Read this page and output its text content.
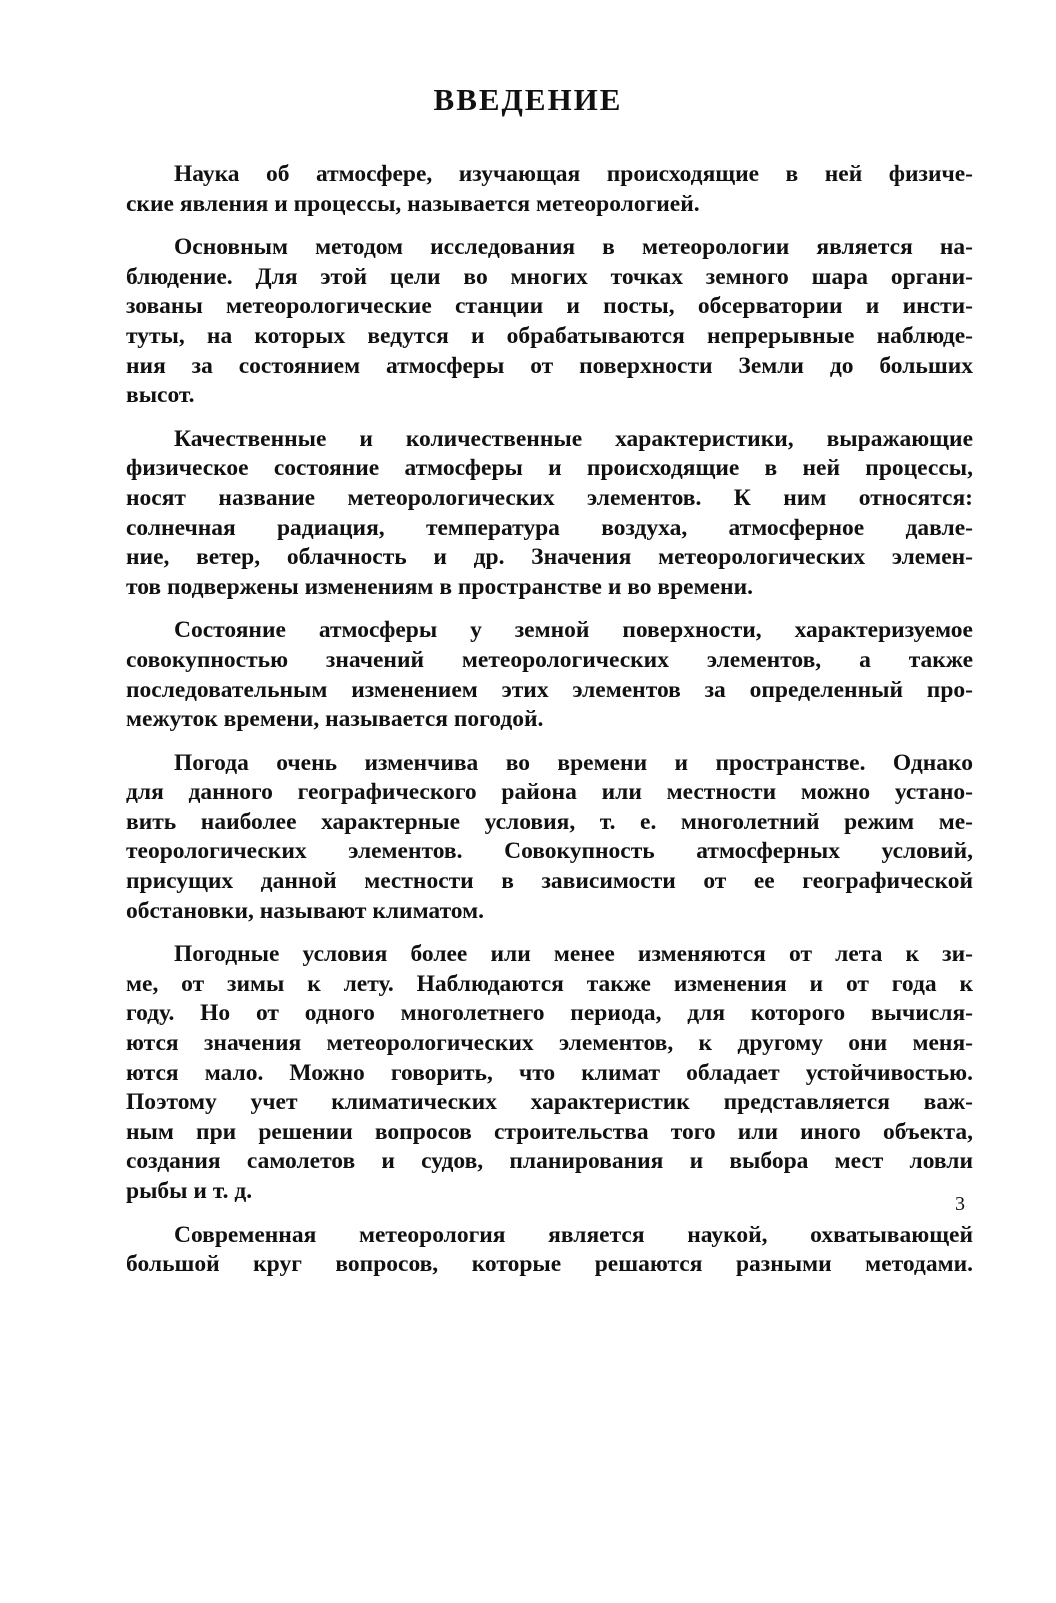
ВВЕДЕНИЕ

Наука об атмосфере, изучающая происходящие в ней физиче-
ские явления и процессы, называется метеорологией.

Основным методом исследования в метеорологии является на-
блюдение. Для этой цели во многих точках земного шара органи-
зованы метеорологические станции и посты, обсерватории и инсти-
туты, на которых ведутся и обрабатываются непрерывные наблюде-
ния за состоянием атмосферы от поверхности Земли до больших
высот.

Качественные и количественные характеристики, выражающие
физическое состояние атмосферы и происходящие в ней процессы,
носят название метеорологических элементов. К ним относятся:
солнечная радиация, температура воздуха, атмосферное давле-
ние, ветер, облачность и др. Значения метеорологических элемен-
тов подвержены изменениям в пространстве и во времени.

Состояние атмосферы у земной поверхности, характеризуемое
совокупностью значений метеорологических элементов, а также
последовательным изменением этих элементов за определенный про-
межуток времени, называется погодой.

Погода очень изменчива во времени и пространстве. Однако
для данного географического района или местности можно устано-
вить наиболее характерные условия, т. е. многолетний режим ме-
теорологических элементов. Совокупность атмосферных условий,
присущих данной местности в зависимости от ее географической
обстановки, называют климатом.

Погодные условия более или менее изменяются от лета к зи-
ме, от зимы к лету. Наблюдаются также изменения и от года к
году. Но от одного многолетнего периода, для которого вычисля-
ются значения метеорологических элементов, к другому они меня-
ются мало. Можно говорить, что климат обладает устойчивостью.
Поэтому учет климатических характеристик представляется важ-
ным при решении вопросов строительства того или иного объекта,
создания самолетов и судов, планирования и выбора мест ловли
рыбы и т. д.

Современная метеорология является наукой, охватывающей
большой круг вопросов, которые решаются разными методами.

3
